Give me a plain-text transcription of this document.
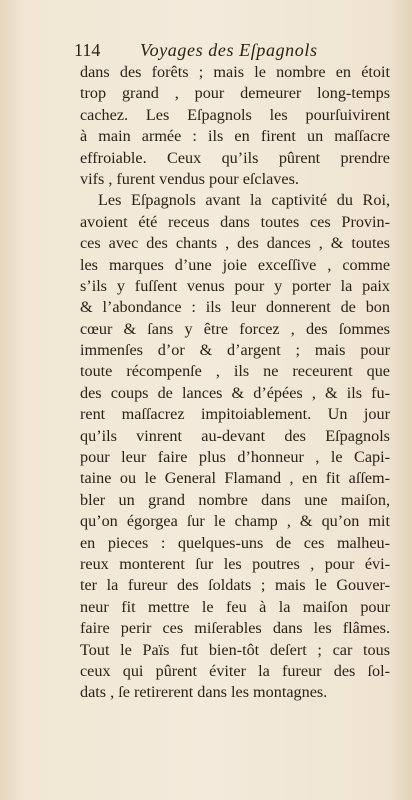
114 Voyages des Eſpagnols
dans des forêts ; mais le nombre en étoit
trop grand , pour demeurer long-temps
cachez. Les Eſpagnols les pourſuivirent
à main armée : ils en firent un maſſacre
effroiable. Ceux qu’ils pûrent prendre
vifs , furent vendus pour eſclaves.
Les Eſpagnols avant la captivité du Roi,
avoient été receus dans toutes ces Provin-
ces avec des chants , des dances , & toutes
les marques d’une joie exceſſive , comme
s’ils y fuſſent venus pour y porter la paix
& l’abondance : ils leur donnerent de bon
cœur & ſans y être forcez , des ſommes
immenſes d’or & d’argent ; mais pour
toute récompenſe , ils ne receurent que
des coups de lances & d’épées , & ils fu-
rent maſſacrez impitoiablement. Un jour
qu’ils vinrent au-devant des Eſpagnols
pour leur faire plus d’honneur , le Capi-
taine ou le General Flamand , en fit aſſem-
bler un grand nombre dans une maiſon,
qu’on égorgea ſur le champ , & qu’on mit
en pieces : quelques-uns de ces malheu-
reux monterent ſur les poutres , pour évi-
ter la fureur des ſoldats ; mais le Gouver-
neur fit mettre le feu à la maiſon pour
faire perir ces miſerables dans les flâmes.
Tout le Païs fut bien-tôt deſert ; car tous
ceux qui pûrent éviter la fureur des ſol-
dats , ſe retirerent dans les montagnes.
